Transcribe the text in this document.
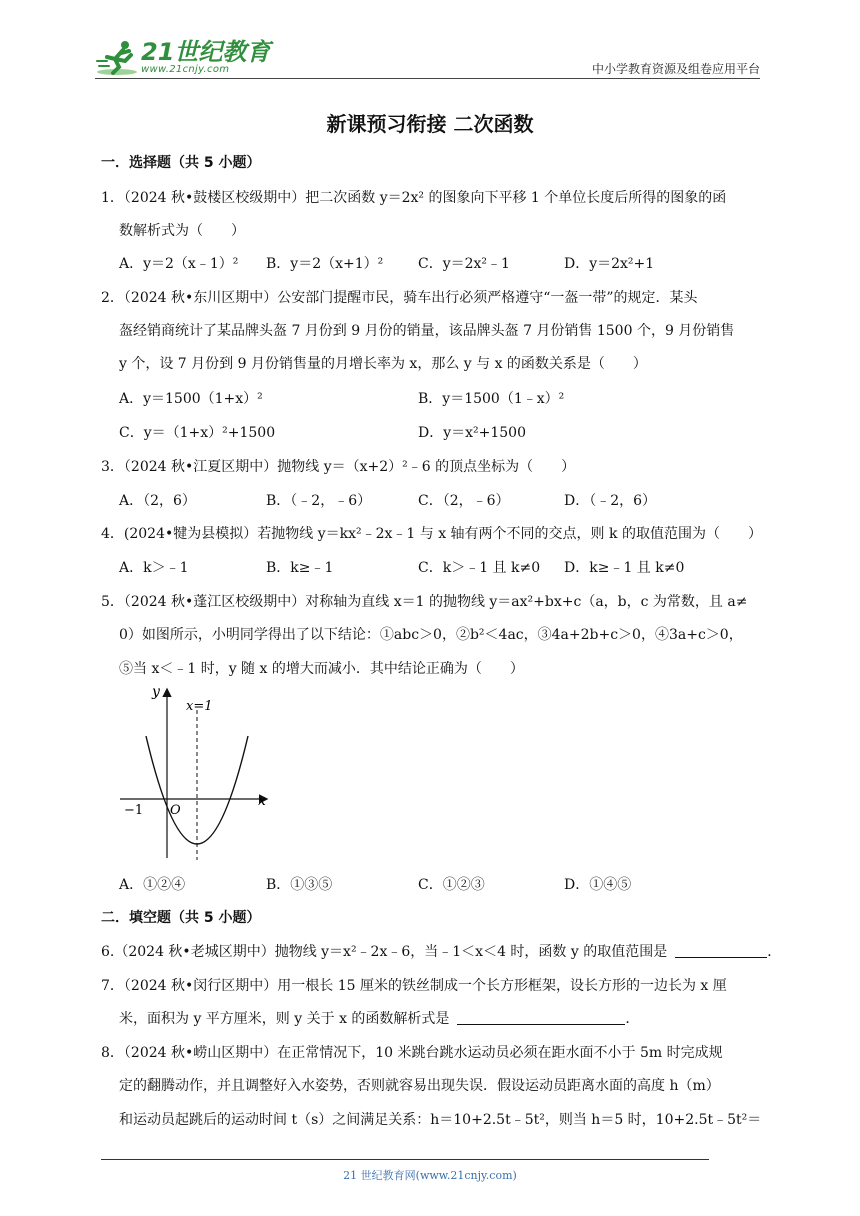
21世纪教育
www.21cnjy.com	中小学教育资源及组卷应用平台
新课预习衔接 二次函数
一．选择题（共 5 小题）
1．（2024 秋•鼓楼区校级期中）把二次函数 y＝2x² 的图象向下平移 1 个单位长度后所得的图象的函
数解析式为（　　）
A．y＝2（x﹣1）² B．y＝2（x+1）² C．y＝2x²﹣1	D．y＝2x²+1
2．（2024 秋•东川区期中）公安部门提醒市民，骑车出行必须严格遵守“一盔一带”的规定．某头
盔经销商统计了某品牌头盔 7 月份到 9 月份的销量，该品牌头盔 7 月份销售 1500 个，9 月份销售
y 个，设 7 月份到 9 月份销售量的月增长率为 x，那么 y 与 x 的函数关系是（　　）
A．y＝1500（1+x）²	B．y＝1500（1﹣x）²
C．y＝（1+x）²+1500	D．y＝x²+1500
3．（2024 秋•江夏区期中）抛物线 y＝（x+2）²﹣6 的顶点坐标为（　　）
A．（2，6）	B．（﹣2，﹣6）	C．（2，﹣6）	D．（﹣2，6）
4．(2024•犍为县模拟）若抛物线 y＝kx²﹣2x﹣1 与 x 轴有两个不同的交点，则 k 的取值范围为（　　）
A．k＞﹣1	B．k≥﹣1	C．k＞﹣1 且 k≠0 D．k≥﹣1 且 k≠0
5．（2024 秋•蓬江区校级期中）对称轴为直线 x＝1 的抛物线 y＝ax²+bx+c（a，b，c 为常数，且 a≠
0）如图所示，小明同学得出了以下结论：①abc＞0，②b²＜4ac，③4a+2b+c＞0，④3a+c＞0，
⑤当 x＜﹣1 时，y 随 x 的增大而减小．其中结论正确为（　　）
y
x
x=1
O
−1
A．①②④	B．①③⑤	C．①②③	D．①④⑤
二．填空题（共 5 小题）
6.（2024 秋•老城区期中）抛物线 y＝x²﹣2x﹣6，当﹣1＜x＜4 时，函数 y 的取值范围是	．
7．（2024 秋•闵行区期中）用一根长 15 厘米的铁丝制成一个长方形框架，设长方形的一边长为 x 厘
米，面积为 y 平方厘米，则 y 关于 x 的函数解析式是	．
8．（2024 秋•崂山区期中）在正常情况下，10 米跳台跳水运动员必须在距水面不小于 5m 时完成规
定的翻腾动作，并且调整好入水姿势，否则就容易出现失误．假设运动员距离水面的高度 h（m）
和运动员起跳后的运动时间 t（s）之间满足关系：h＝10+2.5t﹣5t²，则当 h＝5 时，10+2.5t﹣5t²＝
21 世纪教育网(www.21cnjy.com)
